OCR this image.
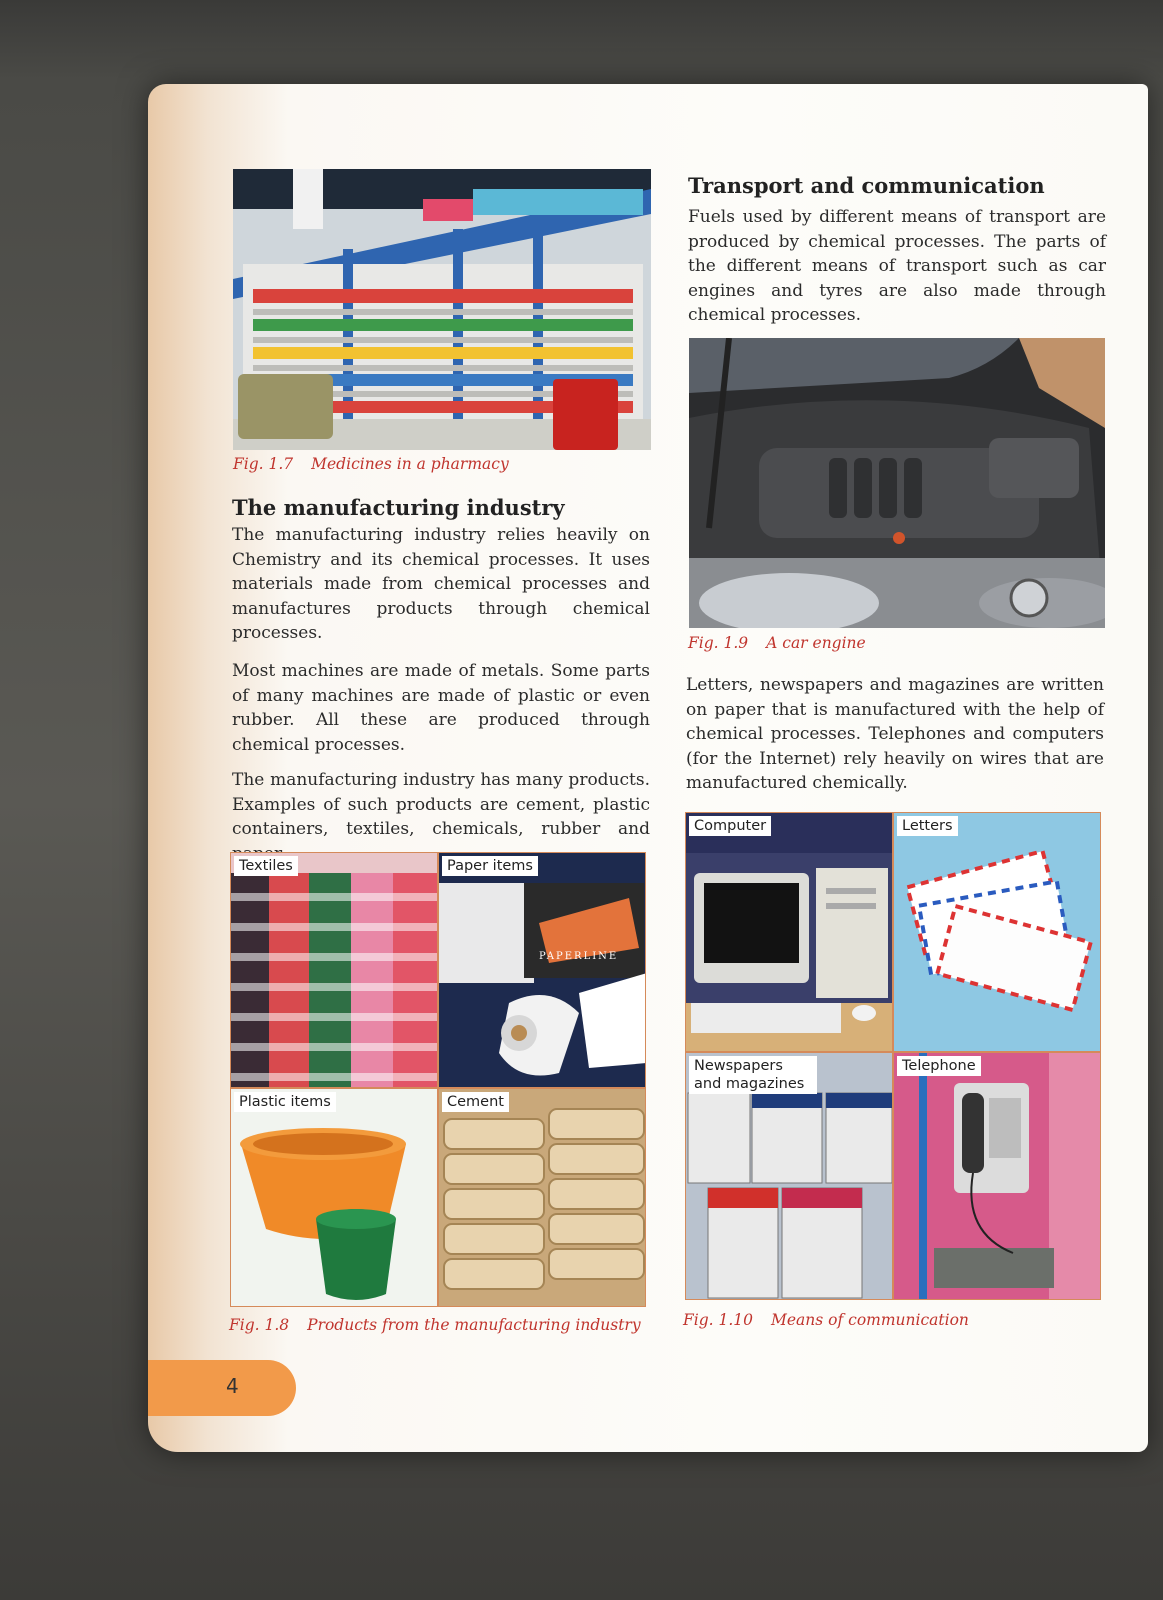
Fig. 1.7 Medicines in a pharmacy
The manufacturing industry

The manufacturing industry relies heavily on Chemistry and its chemical processes. It uses materials made from chemical processes and manufactures products through chemical processes.

Most machines are made of metals. Some parts of many machines are made of plastic or even rubber. All these are produced through chemical processes.

The manufacturing industry has many products. Examples of such products are cement, plastic containers, textiles, chemicals, rubber and

Textiles	Paper items
PAPERLINE
Plastic items	Cement
Fig. 1.8 Products from the manufacturing industry
Transport and communication

Fuels used by different means of transport are produced by chemical processes. The parts of the different means of transport such as car engines and tyres are also made through chemical processes.

Fig. 1.9 A car engine

Letters, newspapers and magazines are written on paper that is manufactured with the help of chemical processes. Telephones and computers (for the Internet) rely heavily on wires that are manufactured chemically.

Computer	Letters
Newspapers and magazines
Telephone
Fig. 1.10 Means of communication
4
